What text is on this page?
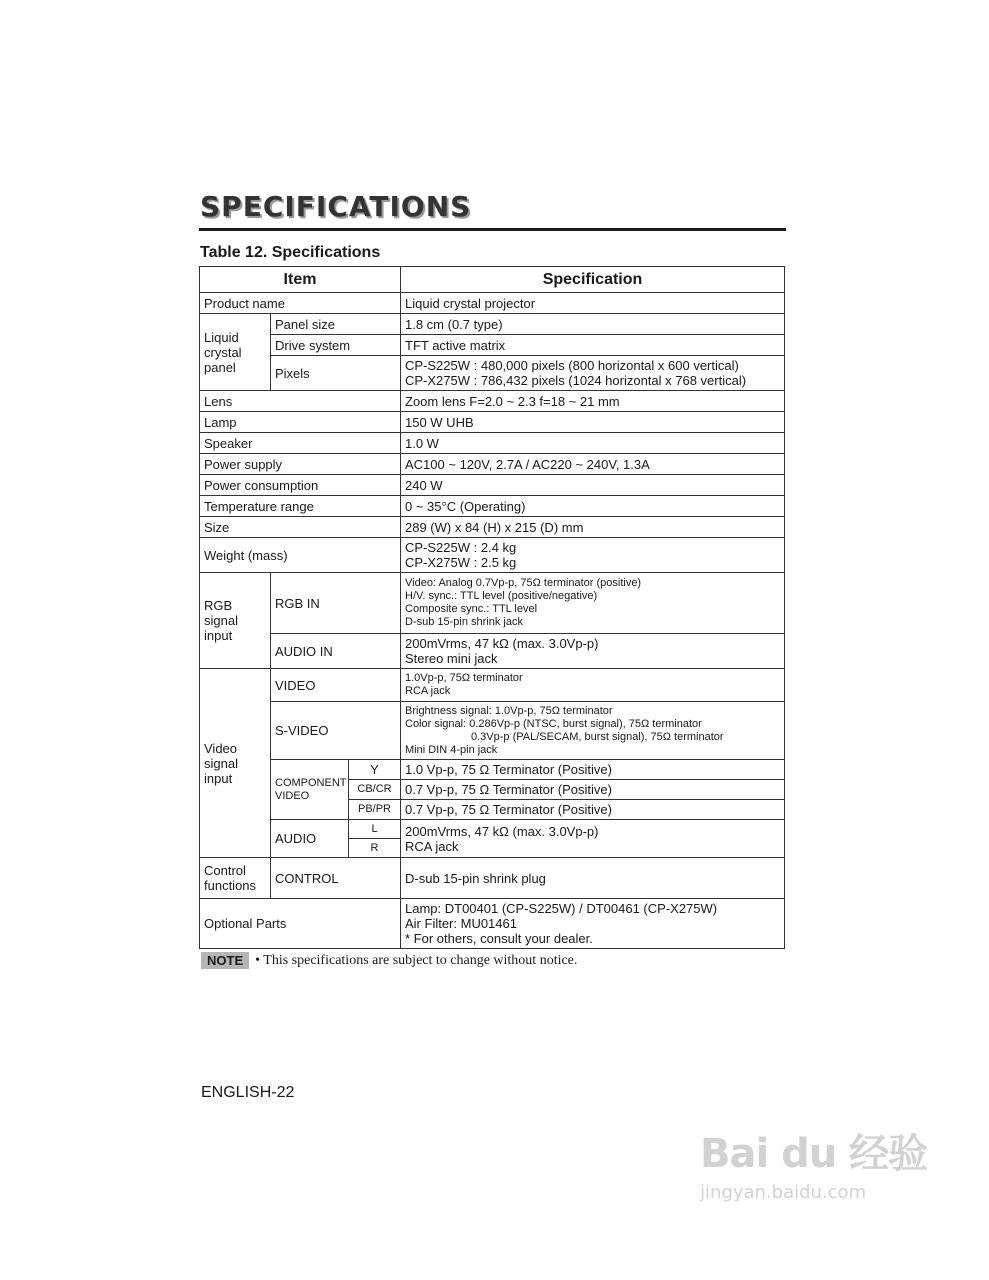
SPECIFICATIONS
Table 12. Specifications
Item			Specification
Product name			Liquid crystal projector
Liquid crystal panel	Panel size		1.8 cm (0.7 type)
	Drive system		TFT active matrix
	Pixels		CP-S225W : 480,000 pixels (800 horizontal x 600 vertical)
CP-X275W : 786,432 pixels (1024 horizontal x 768 vertical)

Lens			Zoom lens F=2.0 ~ 2.3 f=18 ~ 21 mm
Lamp			150 W UHB
Speaker			1.0 W
Power supply			AC100 ~ 120V, 2.7A / AC220 ~ 240V, 1.3A
Power consumption			240 W
Temperature range			0 ~ 35°C (Operating)
Size			289 (W) x 84 (H) x 215 (D) mm
Weight (mass)			CP-S225W : 2.4 kg
CP-X275W : 2.5 kg

RGB signal input	RGB IN		Video: Analog 0.7Vp-p, 75Ω terminator (positive)
H/V. sync.: TTL level (positive/negative)
Composite sync.: TTL level
D-sub 15-pin shrink jack

	AUDIO IN		200mVrms, 47 kΩ (max. 3.0Vp-p)
Stereo mini jack

Video signal input	VIDEO		1.0Vp-p, 75Ω terminator
RCA jack

	S-VIDEO		Brightness signal: 1.0Vp-p, 75Ω terminator
Color signal: 0.286Vp-p (NTSC, burst signal), 75Ω terminator
0.3Vp-p (PAL/SECAM, burst signal), 75Ω terminator
Mini DIN 4-pin jack

	COMPONENT VIDEO	Y	1.0 Vp-p, 75 Ω Terminator (Positive)
		CB/CR	0.7 Vp-p, 75 Ω Terminator (Positive)
		PB/PR	0.7 Vp-p, 75 Ω Terminator (Positive)
	AUDIO	L	200mVrms, 47 kΩ (max. 3.0Vp-p)
RCA jack

		R	
Control functions	CONTROL		D-sub 15-pin shrink plug
Optional Parts			Lamp: DT00401 (CP-S225W) / DT00461 (CP-X275W)
Air Filter: MU01461
* For others, consult your dealer.
NOTE • This specifications are subject to change without notice.
ENGLISH-22
Bai du 经验
jingyan.baidu.com
